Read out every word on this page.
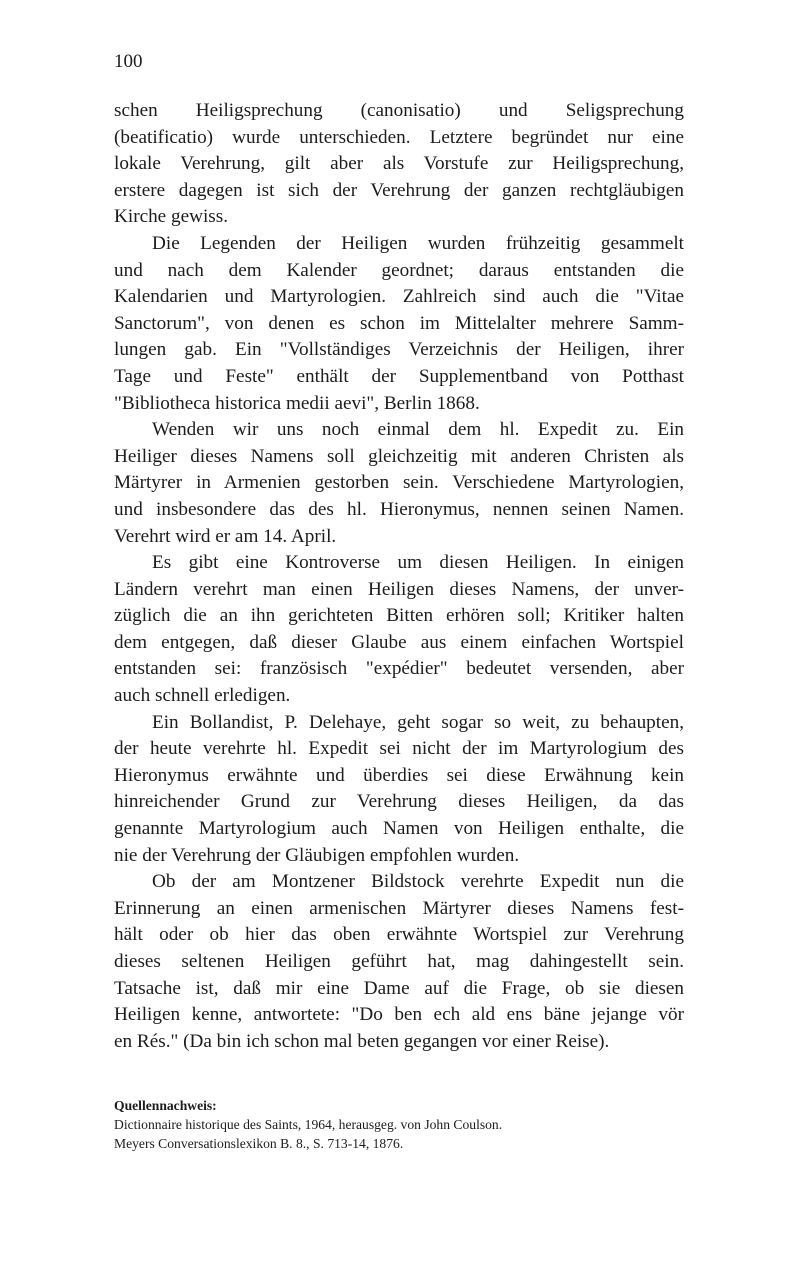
100

schen Heiligsprechung (canonisatio) und Seligsprechung
(beatificatio) wurde unterschieden. Letztere begründet nur eine
lokale Verehrung, gilt aber als Vorstufe zur Heiligsprechung,
erstere dagegen ist sich der Verehrung der ganzen rechtgläubigen
Kirche gewiss.

Die Legenden der Heiligen wurden frühzeitig gesammelt
und nach dem Kalender geordnet; daraus entstanden die
Kalendarien und Martyrologien. Zahlreich sind auch die "Vitae
Sanctorum", von denen es schon im Mittelalter mehrere Samm-
lungen gab. Ein "Vollständiges Verzeichnis der Heiligen, ihrer
Tage und Feste" enthält der Supplementband von Potthast
"Bibliotheca historica medii aevi", Berlin 1868.

Wenden wir uns noch einmal dem hl. Expedit zu. Ein
Heiliger dieses Namens soll gleichzeitig mit anderen Christen als
Märtyrer in Armenien gestorben sein. Verschiedene Martyrologien,
und insbesondere das des hl. Hieronymus, nennen seinen Namen.
Verehrt wird er am 14. April.

Es gibt eine Kontroverse um diesen Heiligen. In einigen
Ländern verehrt man einen Heiligen dieses Namens, der unver-
züglich die an ihn gerichteten Bitten erhören soll; Kritiker halten
dem entgegen, daß dieser Glaube aus einem einfachen Wortspiel
entstanden sei: französisch "expédier" bedeutet versenden, aber
auch schnell erledigen.

Ein Bollandist, P. Delehaye, geht sogar so weit, zu behaupten,
der heute verehrte hl. Expedit sei nicht der im Martyrologium des
Hieronymus erwähnte und überdies sei diese Erwähnung kein
hinreichender Grund zur Verehrung dieses Heiligen, da das
genannte Martyrologium auch Namen von Heiligen enthalte, die
nie der Verehrung der Gläubigen empfohlen wurden.

Ob der am Montzener Bildstock verehrte Expedit nun die
Erinnerung an einen armenischen Märtyrer dieses Namens fest-
hält oder ob hier das oben erwähnte Wortspiel zur Verehrung
dieses seltenen Heiligen geführt hat, mag dahingestellt sein.
Tatsache ist, daß mir eine Dame auf die Frage, ob sie diesen
Heiligen kenne, antwortete: "Do ben ech ald ens bäne jejange vör
en Rés." (Da bin ich schon mal beten gegangen vor einer Reise).

Quellennachweis:
Dictionnaire historique des Saints, 1964, herausgeg. von John Coulson.
Meyers Conversationslexikon B. 8., S. 713-14, 1876.
